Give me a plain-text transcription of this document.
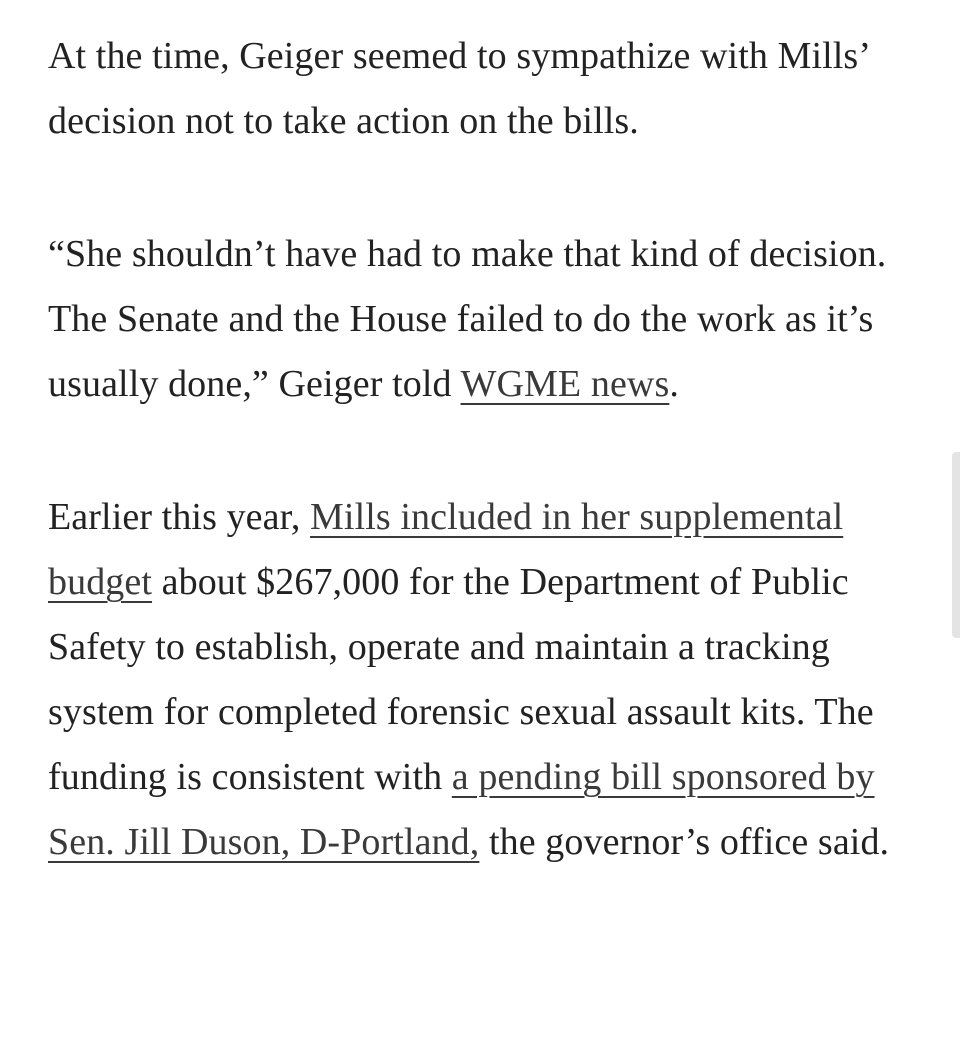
At the time, Geiger seemed to sympathize with Mills’ decision not to take action on the bills.

“She shouldn’t have had to make that kind of decision. The Senate and the House failed to do the work as it’s usually done,” Geiger told WGME news.

Earlier this year, Mills included in her supplemental budget about $267,000 for the Department of Public Safety to establish, operate and maintain a tracking system for completed forensic sexual assault kits. The funding is consistent with a pending bill sponsored by Sen. Jill Duson, D-Portland, the governor’s office said.
